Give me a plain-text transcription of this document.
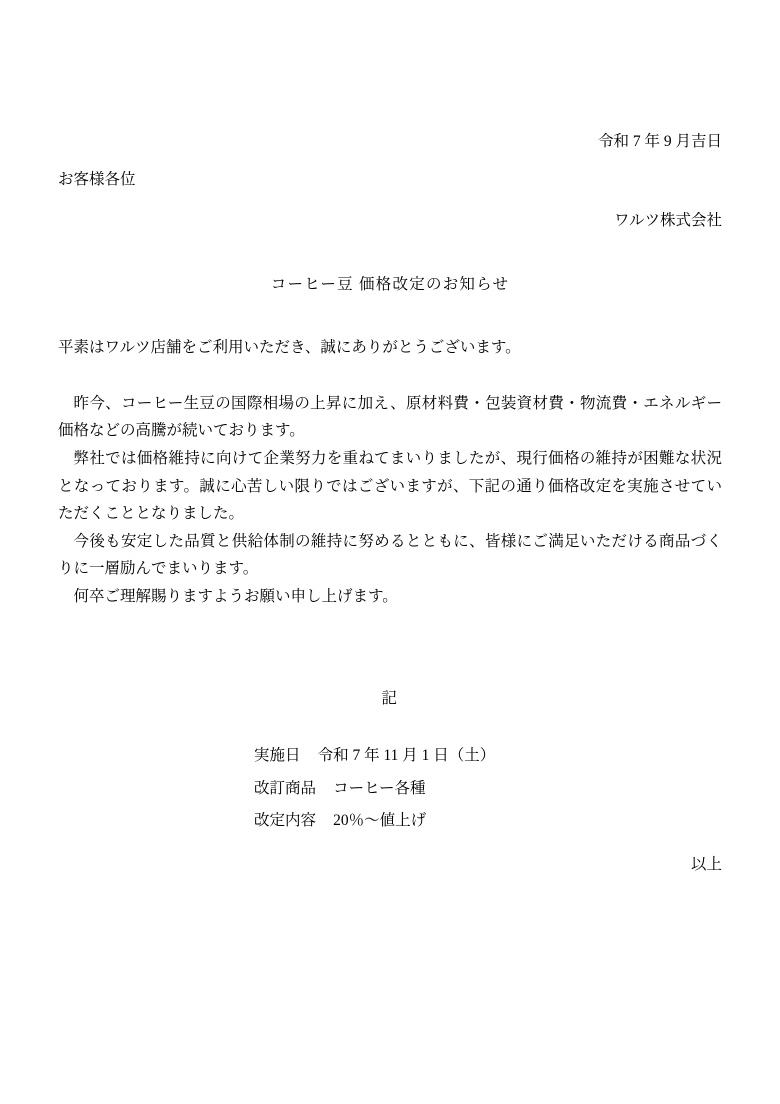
令和 7 年 9 月吉日
お客様各位
ワルツ株式会社
コーヒー豆 価格改定のお知らせ
平素はワルツ店舗をご利用いただき、誠にありがとうございます。

昨今、コーヒー生豆の国際相場の上昇に加え、原材料費・包装資材費・物流費・エネルギー価格などの高騰が続いております。

弊社では価格維持に向けて企業努力を重ねてまいりましたが、現行価格の維持が困難な状況となっております。誠に心苦しい限りではございますが、下記の通り価格改定を実施させていただくこととなりました。

今後も安定した品質と供給体制の維持に努めるとともに、皆様にご満足いただける商品づくりに一層励んでまいります。

何卒ご理解賜りますようお願い申し上げます。

記
実施日 令和 7 年 11 月 1 日（土）
改訂商品 コーヒー各種
改定内容 20％〜値上げ
以上
